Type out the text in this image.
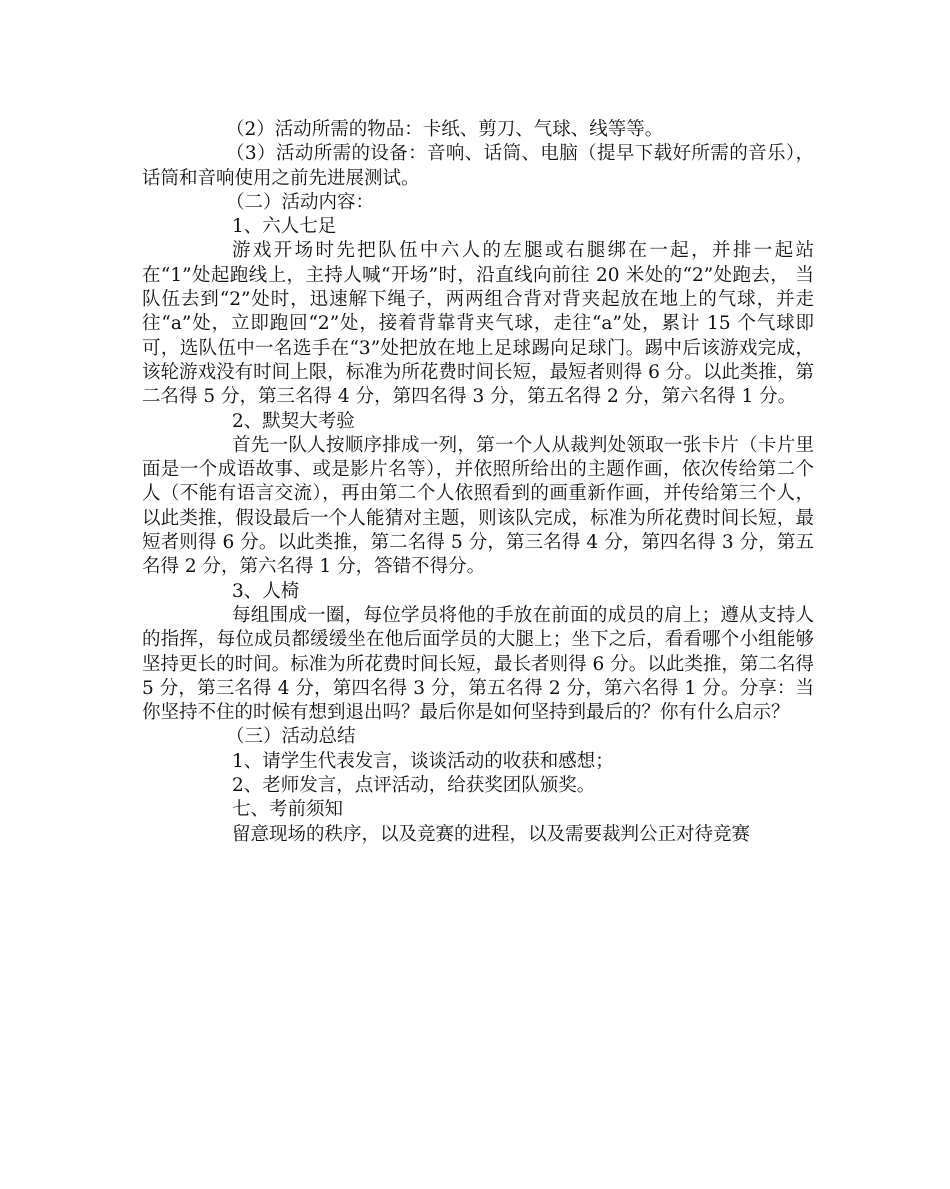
（2）活动所需的物品：卡纸、剪刀、气球、线等等。

（3）活动所需的设备：音响、话筒、电脑（提早下载好所需的音乐），话筒和音响使用之前先进展测试。

（二）活动内容：

1、六人七足

游戏开场时先把队伍中六人的左腿或右腿绑在一起，并排一起站在“1”处起跑线上，主持人喊“开场”时，沿直线向前往 20 米处的“2”处跑去， 当队伍去到“2”处时，迅速解下绳子，两两组合背对背夹起放在地上的气球，并走往“a”处，立即跑回“2”处，接着背靠背夹气球，走往“a”处，累计 15 个气球即可，选队伍中一名选手在“3”处把放在地上足球踢向足球门。踢中后该游戏完成，该轮游戏没有时间上限，标准为所花费时间长短，最短者则得 6 分。以此类推，第二名得 5 分，第三名得 4 分，第四名得 3 分，第五名得 2 分，第六名得 1 分。

2、默契大考验

首先一队人按顺序排成一列，第一个人从裁判处领取一张卡片（卡片里面是一个成语故事、或是影片名等），并依照所给出的主题作画，依次传给第二个人（不能有语言交流），再由第二个人依照看到的画重新作画，并传给第三个人，以此类推，假设最后一个人能猜对主题，则该队完成，标准为所花费时间长短，最短者则得 6 分。以此类推，第二名得 5 分，第三名得 4 分，第四名得 3 分，第五名得 2 分，第六名得 1 分，答错不得分。

3、人椅

每组围成一圈，每位学员将他的手放在前面的成员的肩上；遵从支持人的指挥，每位成员都缓缓坐在他后面学员的大腿上；坐下之后，看看哪个小组能够坚持更长的时间。标准为所花费时间长短，最长者则得 6 分。以此类推，第二名得 5 分，第三名得 4 分，第四名得 3 分，第五名得 2 分，第六名得 1 分。分享：当你坚持不住的时候有想到退出吗？最后你是如何坚持到最后的？你有什么启示？

（三）活动总结

1、请学生代表发言，谈谈活动的收获和感想；

2、老师发言，点评活动，给获奖团队颁奖。

七、考前须知

留意现场的秩序，以及竞赛的进程，以及需要裁判公正对待竞赛
